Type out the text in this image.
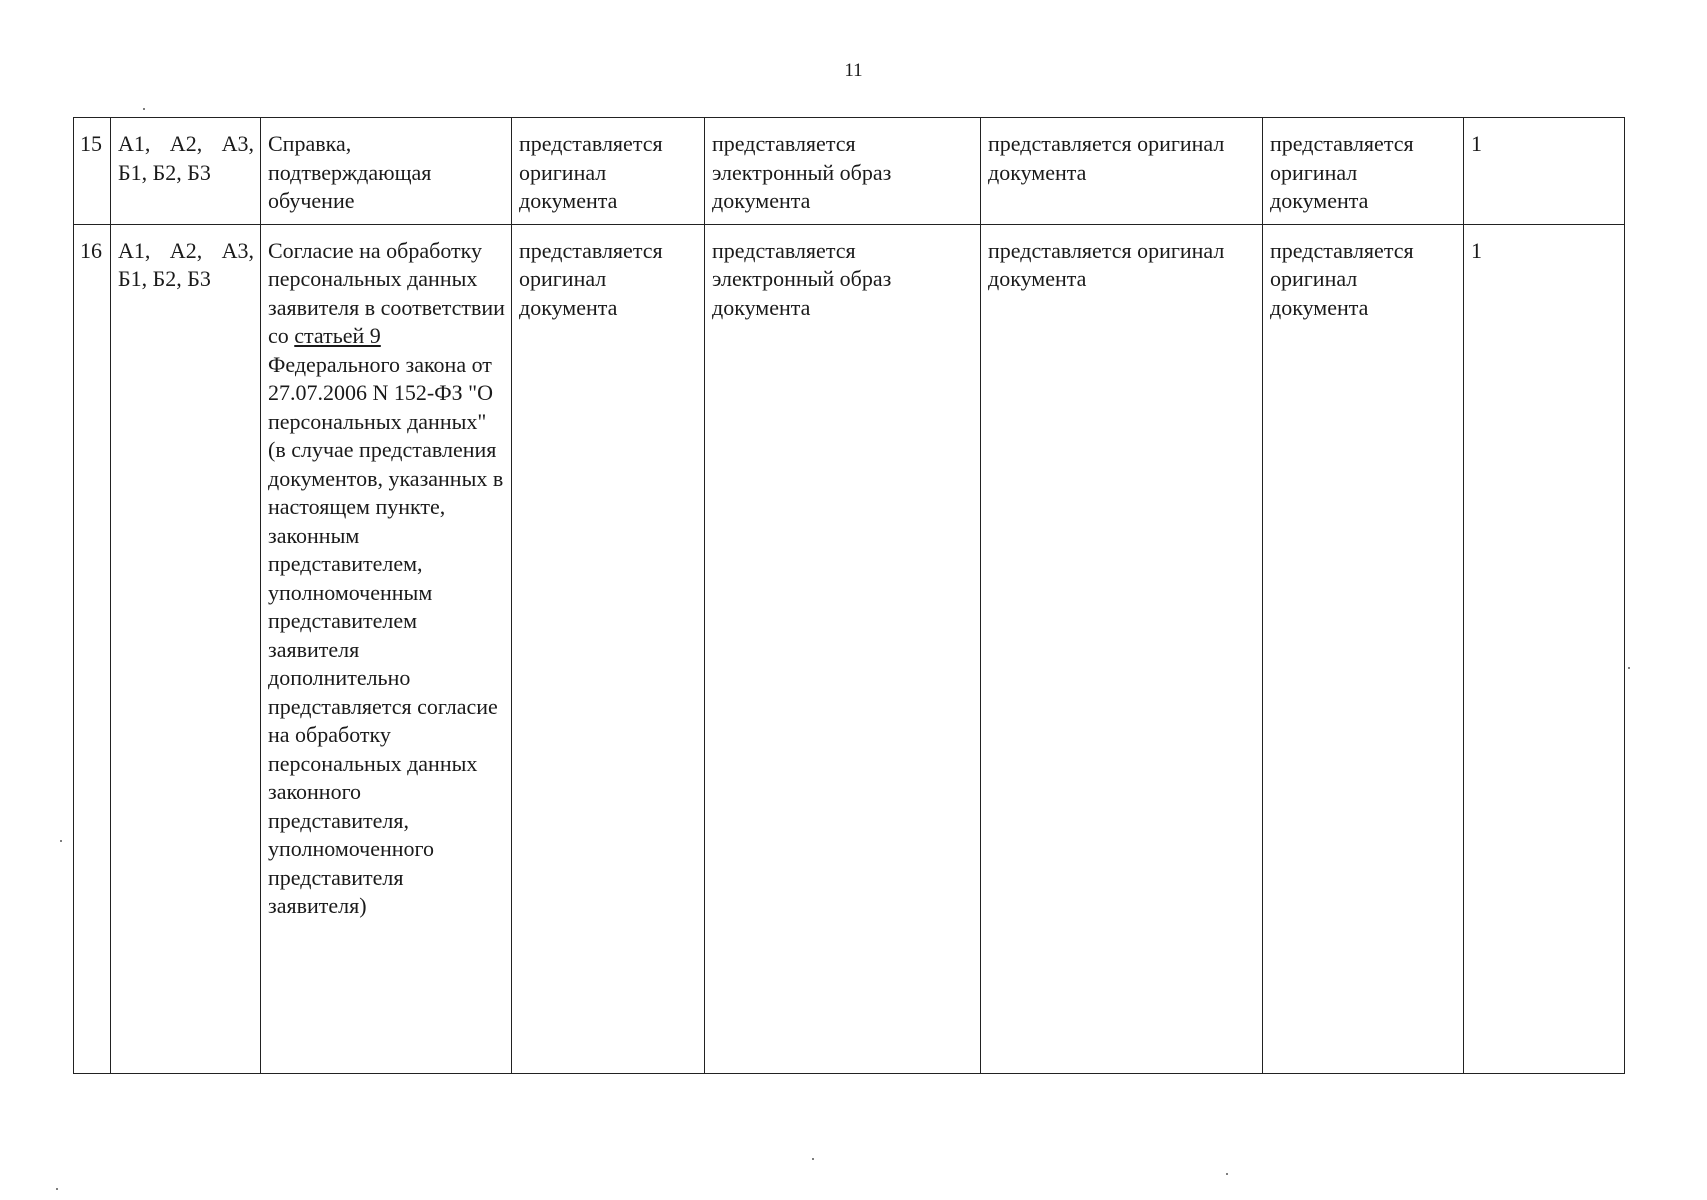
11
15	А1, А2, А3, Б1, Б2, Б3	Справка, подтверждающая обучение	представляется оригинал документа	представляется электронный образ документа	представляется оригинал документа	представляется оригинал документа	1
16	А1, А2, А3, Б1, Б2, Б3	Согласие на обработку персональных данных заявителя в соответствии со статьей 9 Федерального закона от 27.07.2006 N 152-ФЗ "О персональных данных" (в случае представления документов, указанных в настоящем пункте, законным представителем, уполномоченным представителем заявителя дополнительно представляется согласие на обработку персональных данных законного представителя, уполномоченного представителя заявителя)	представляется оригинал документа	представляется электронный образ документа	представляется оригинал документа	представляется оригинал документа	1
